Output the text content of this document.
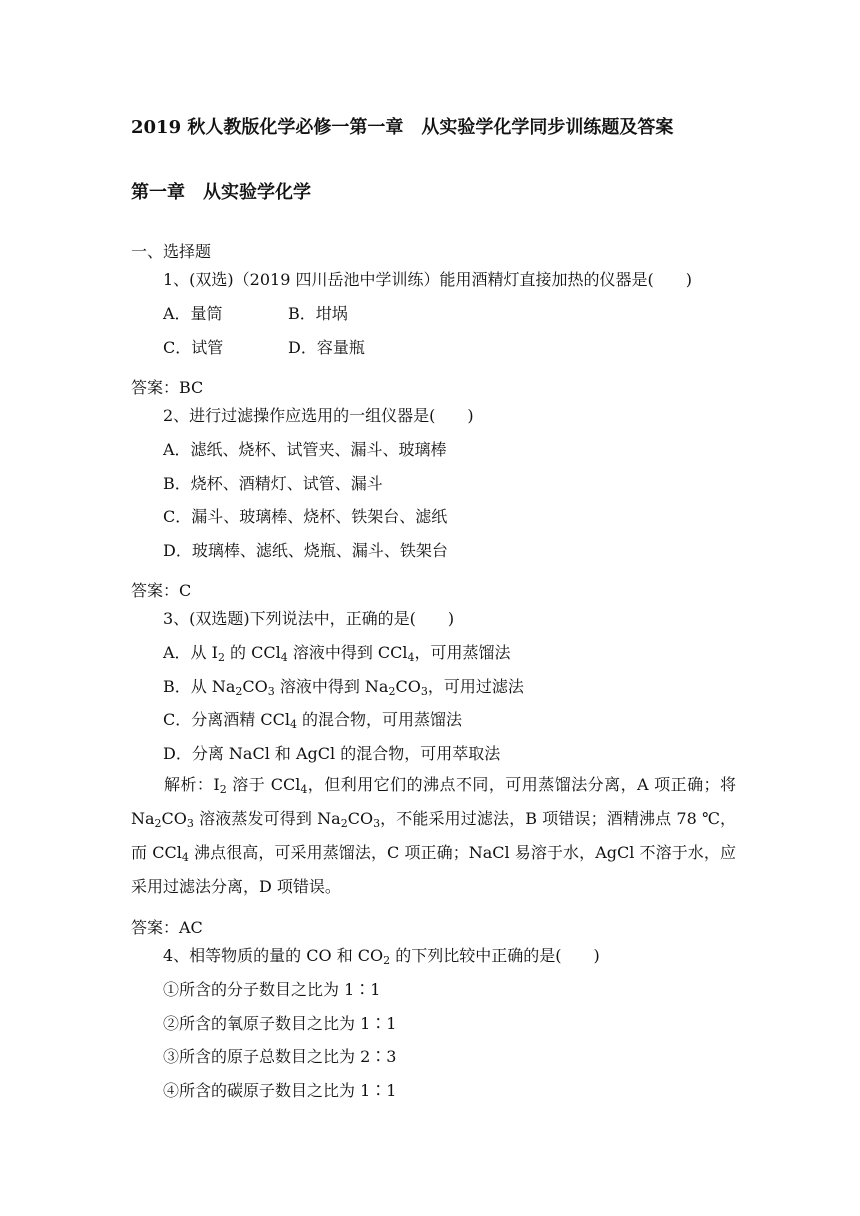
2019 秋人教版化学必修一第一章　从实验学化学同步训练题及答案
第一章　从实验学化学
一、选择题
1、(双选)（2019 四川岳池中学训练）能用酒精灯直接加热的仪器是(　　)
A．量筒	B．坩埚
C．试管	D．容量瓶
答案：BC
2、进行过滤操作应选用的一组仪器是(　　)
A．滤纸、烧杯、试管夹、漏斗、玻璃棒
B．烧杯、酒精灯、试管、漏斗
C．漏斗、玻璃棒、烧杯、铁架台、滤纸
D．玻璃棒、滤纸、烧瓶、漏斗、铁架台
答案：C
3、(双选题)下列说法中，正确的是(　　)
A．从 $I_2$ 的 CCl$_4$ 溶液中得到 CCl$_4$，可用蒸馏法
B．从 $Na_2CO_3$ 溶液中得到 $Na_2CO_3$，可用过滤法
C．分离酒精 CCl$_4$ 的混合物，可用蒸馏法
D．分离 NaCl 和 AgCl 的混合物，可用萃取法
解析：$I_2$ 溶于 CCl$_4$，但利用它们的沸点不同，可用蒸馏法分离，A 项正确；将 $Na_2CO_3$ 溶液蒸发可得到 $Na_2CO_3$，不能采用过滤法，B 项错误；酒精沸点 78 ℃，而 CCl$_4$ 沸点很高，可采用蒸馏法，C 项正确；NaCl 易溶于水，AgCl 不溶于水，应采用过滤法分离，D 项错误。
答案：AC
4、相等物质的量的 CO 和 $CO_2$ 的下列比较中正确的是(　　)
①所含的分子数目之比为 1∶1
②所含的氧原子数目之比为 1∶1
③所含的原子总数目之比为 2∶3
④所含的碳原子数目之比为 1∶1
